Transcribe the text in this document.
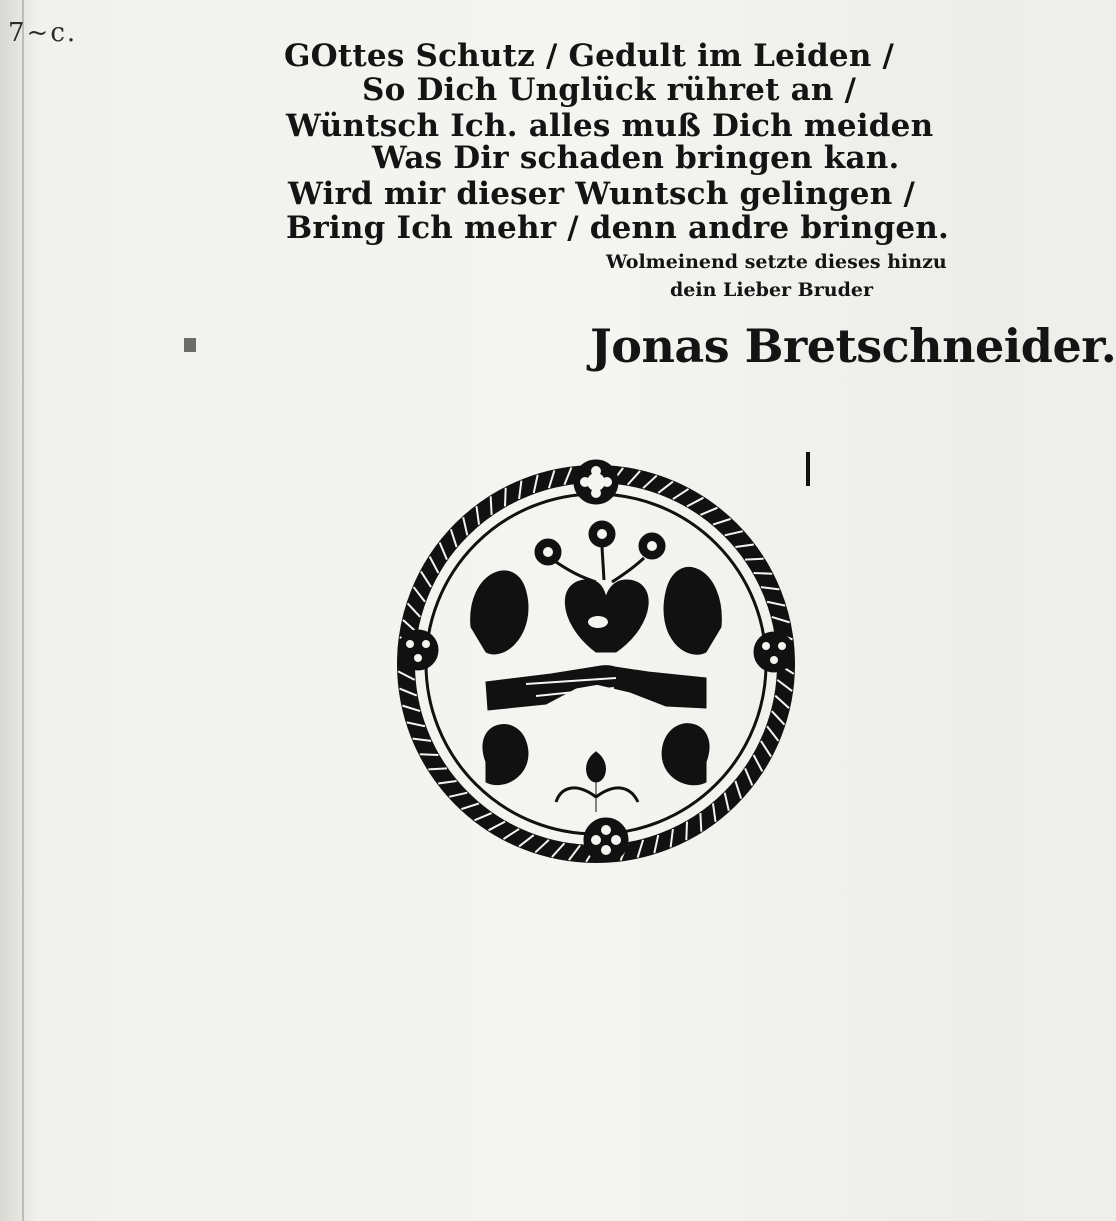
7~c.
GOttes Schutz / Gedult im Leiden /
So Dich Unglück rühret an /
Wüntsch Ich. alles muß Dich meiden
Was Dir schaden bringen kan.
Wird mir dieser Wuntsch gelingen /
Bring Ich mehr / denn andre bringen.
Wolmeinend setzte dieses hinzu
dein Lieber Bruder
Jonas Bretschneider.
